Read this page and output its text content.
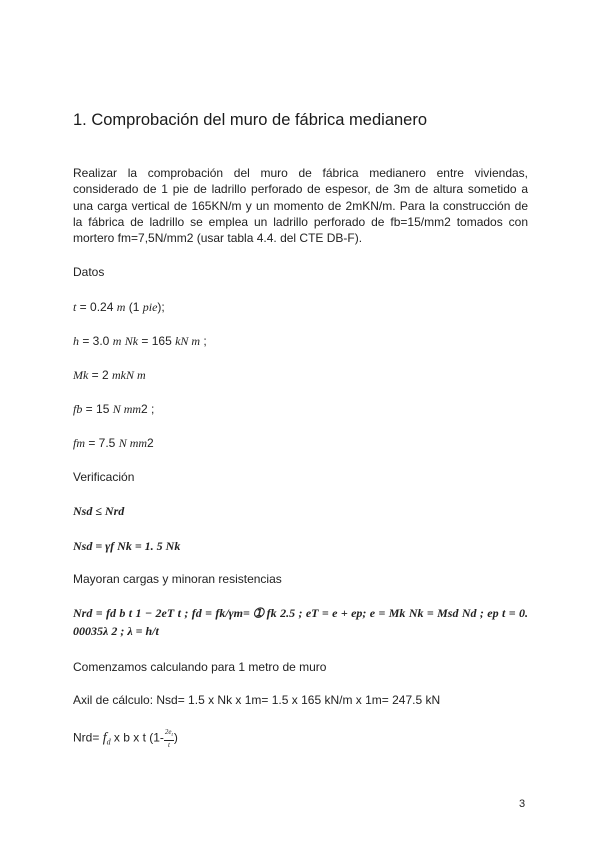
1. Comprobación del muro de fábrica medianero
Realizar la comprobación del muro de fábrica medianero entre viviendas, considerado de 1 pie de ladrillo perforado de espesor, de 3m de altura sometido a una carga vertical de 165KN/m y un momento de 2mKN/m. Para la construcción de la fábrica de ladrillo se emplea un ladrillo perforado de fb=15/mm2 tomados con mortero fm=7,5N/mm2 (usar tabla 4.4. del CTE DB-F).
Datos
t = 0.24 m (1 pie);
h = 3.0 m Nk = 165 kN m ;
Mk = 2 mkN m
fb = 15 N mm2 ;
fm = 7.5 N mm2
Verificación
Nsd ≤ Nrd
Nsd = γf Nk = 1. 5 Nk
Mayoran cargas y minoran resistencias
Nrd = fd b t 1 − 2eT t ; fd = fk/γm= ➀ fk 2.5 ; eT = e + ep; e = Mk Nk = Msd Nd ; ep t = 0. 00035λ 2 ; λ = h/t
Comenzamos calculando para 1 metro de muro
Axil de cálculo: Nsd= 1.5 x Nk x 1m= 1.5 x 165 kN/m x 1m= 247.5 kN
$Nrd= f_d$ x b x t ($1- \frac{2e_t}{t}$ )
3
